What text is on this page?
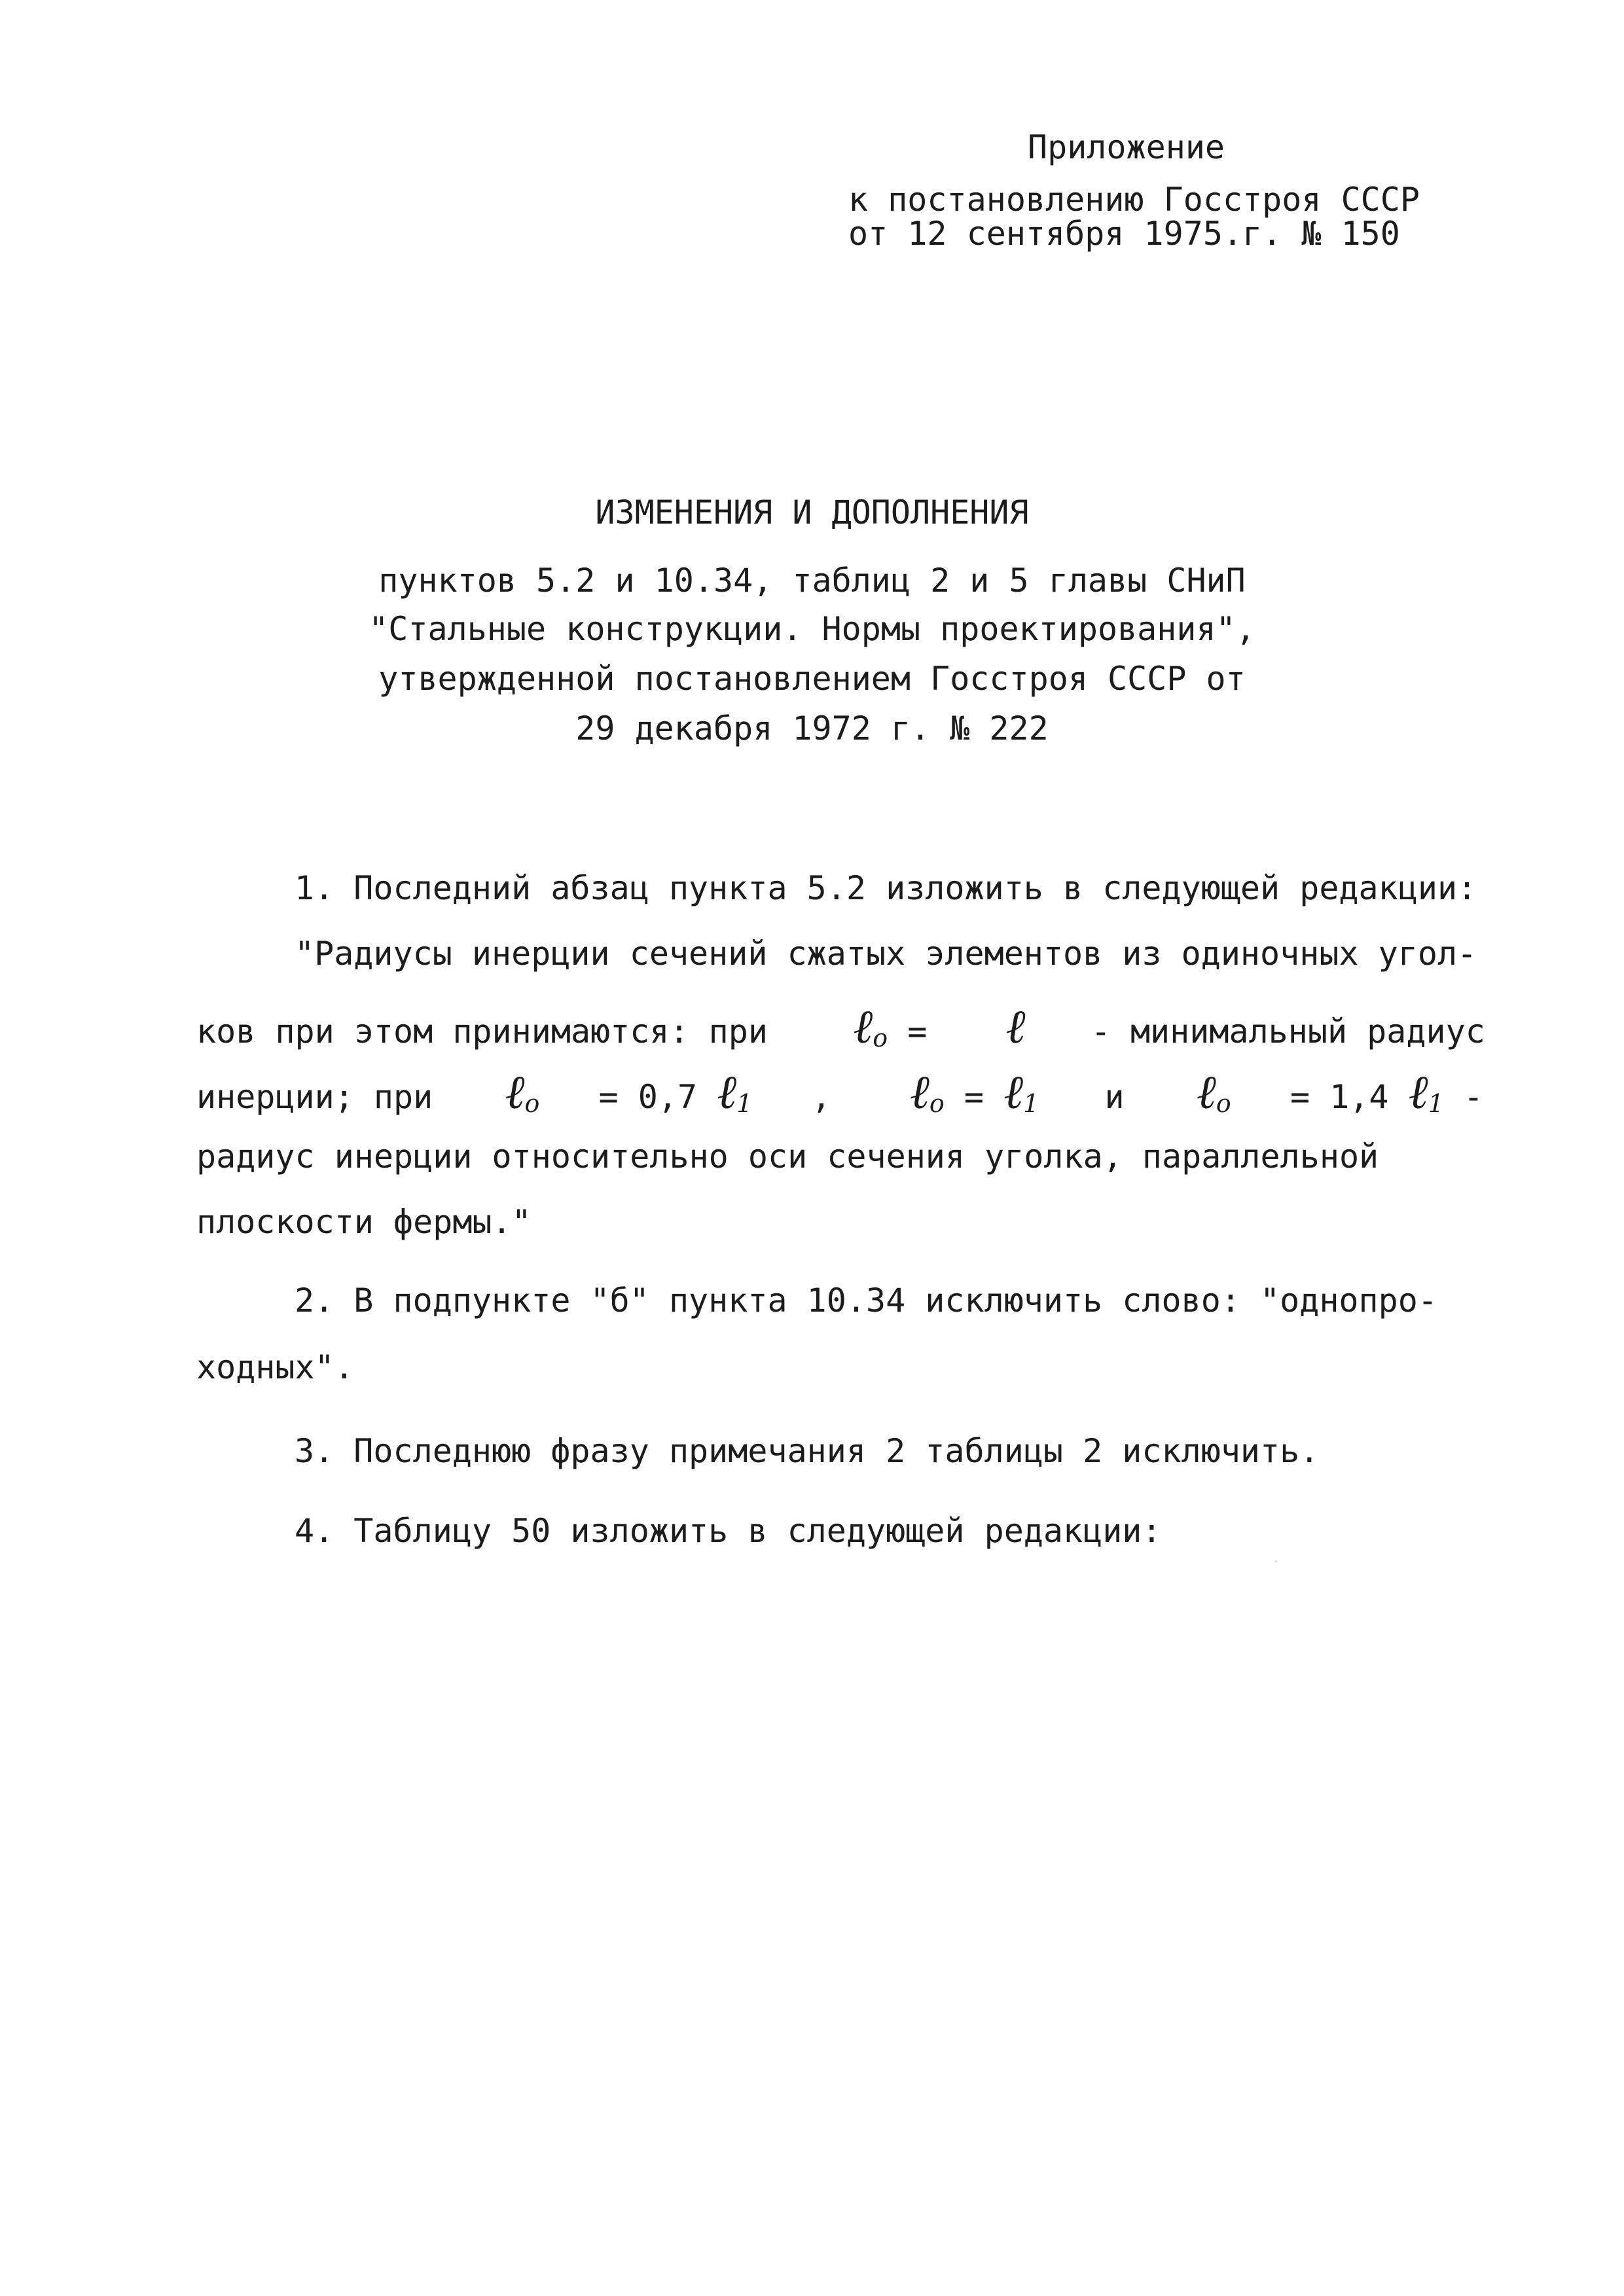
Приложение
к постановлению Госстроя СССР
от 12 сентября 1975.г. № 150
ИЗМЕНЕНИЯ И ДОПОЛНЕНИЯ
пунктов 5.2 и 10.34, таблиц 2 и 5 главы СНиП
"Стальные конструкции. Нормы проектирования",
утвержденной постановлением Госстроя СССР от
29 декабря 1972 г. № 222
1. Последний абзац пункта 5.2 изложить в следующей редакции:
"Радиусы инерции сечений сжатых элементов из одиночных угол-
ков при этом принимаются: при ℓ$_o$ = ℓ - минимальный радиус
инерции; при ℓ$_o$ = 0,7 ℓ$_1$ , ℓ$_o$ = ℓ$_1$ и ℓ$_o$ = 1,4 ℓ$_1$ -
радиус инерции относительно оси сечения уголка, параллельной
плоскости фермы."
2. В подпункте "б" пункта 10.34 исключить слово: "однопро-
ходных".
3. Последнюю фразу примечания 2 таблицы 2 исключить.
4. Таблицу 50 изложить в следующей редакции:
